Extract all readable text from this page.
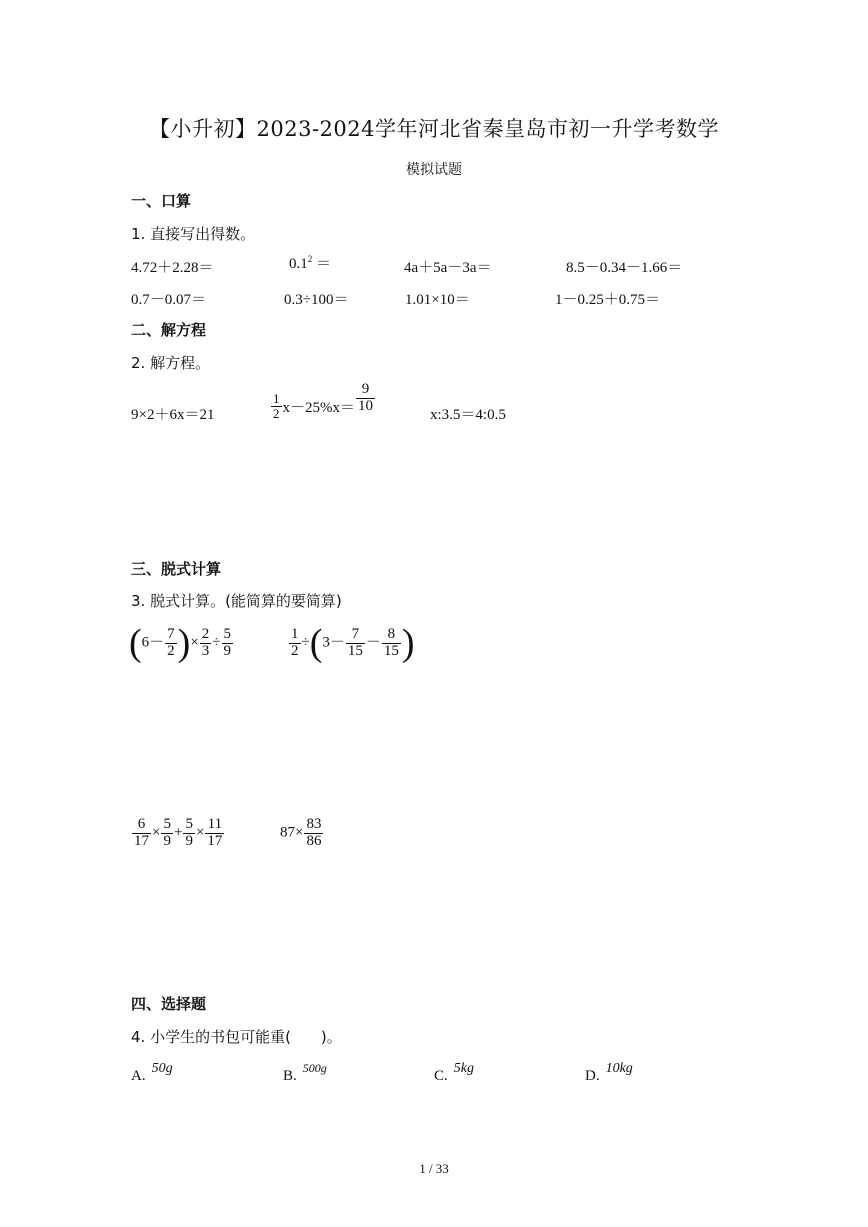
【小升初】2023-2024学年河北省秦皇岛市初一升学考数学
模拟试题
一、口算
1. 直接写出得数。
4.72＋2.28＝	$0.1^2$ ＝	4a＋5a－3a＝	8.5－0.34－1.66＝
0.7－0.07＝	0.3÷100＝	1.01×10＝	1－0.25＋0.75＝
二、解方程
2. 解方程。
9×2＋6x＝21	$\frac{1}{2} x-25\%x= \frac{9}{10}$
x:3.5＝4:0.5
三、脱式计算
3. 脱式计算。(能简算的要简算)
($6- \frac{7}{2}$ )× $\frac{2}{3} \div \frac{5}{9}$	$\frac{1}{2} \div(3- \frac{7}{15} - \frac{8}{15}$ )
$\frac{6}{17} \times \frac{5}{9} + \frac{5}{9} \times \frac{11}{17}$	$87\times \frac{83}{86}$
四、选择题
4. 小学生的书包可能重(　　)。
A. 50g	B. $^{500g}$	C. 5kg	D. 10kg
1 / 33
